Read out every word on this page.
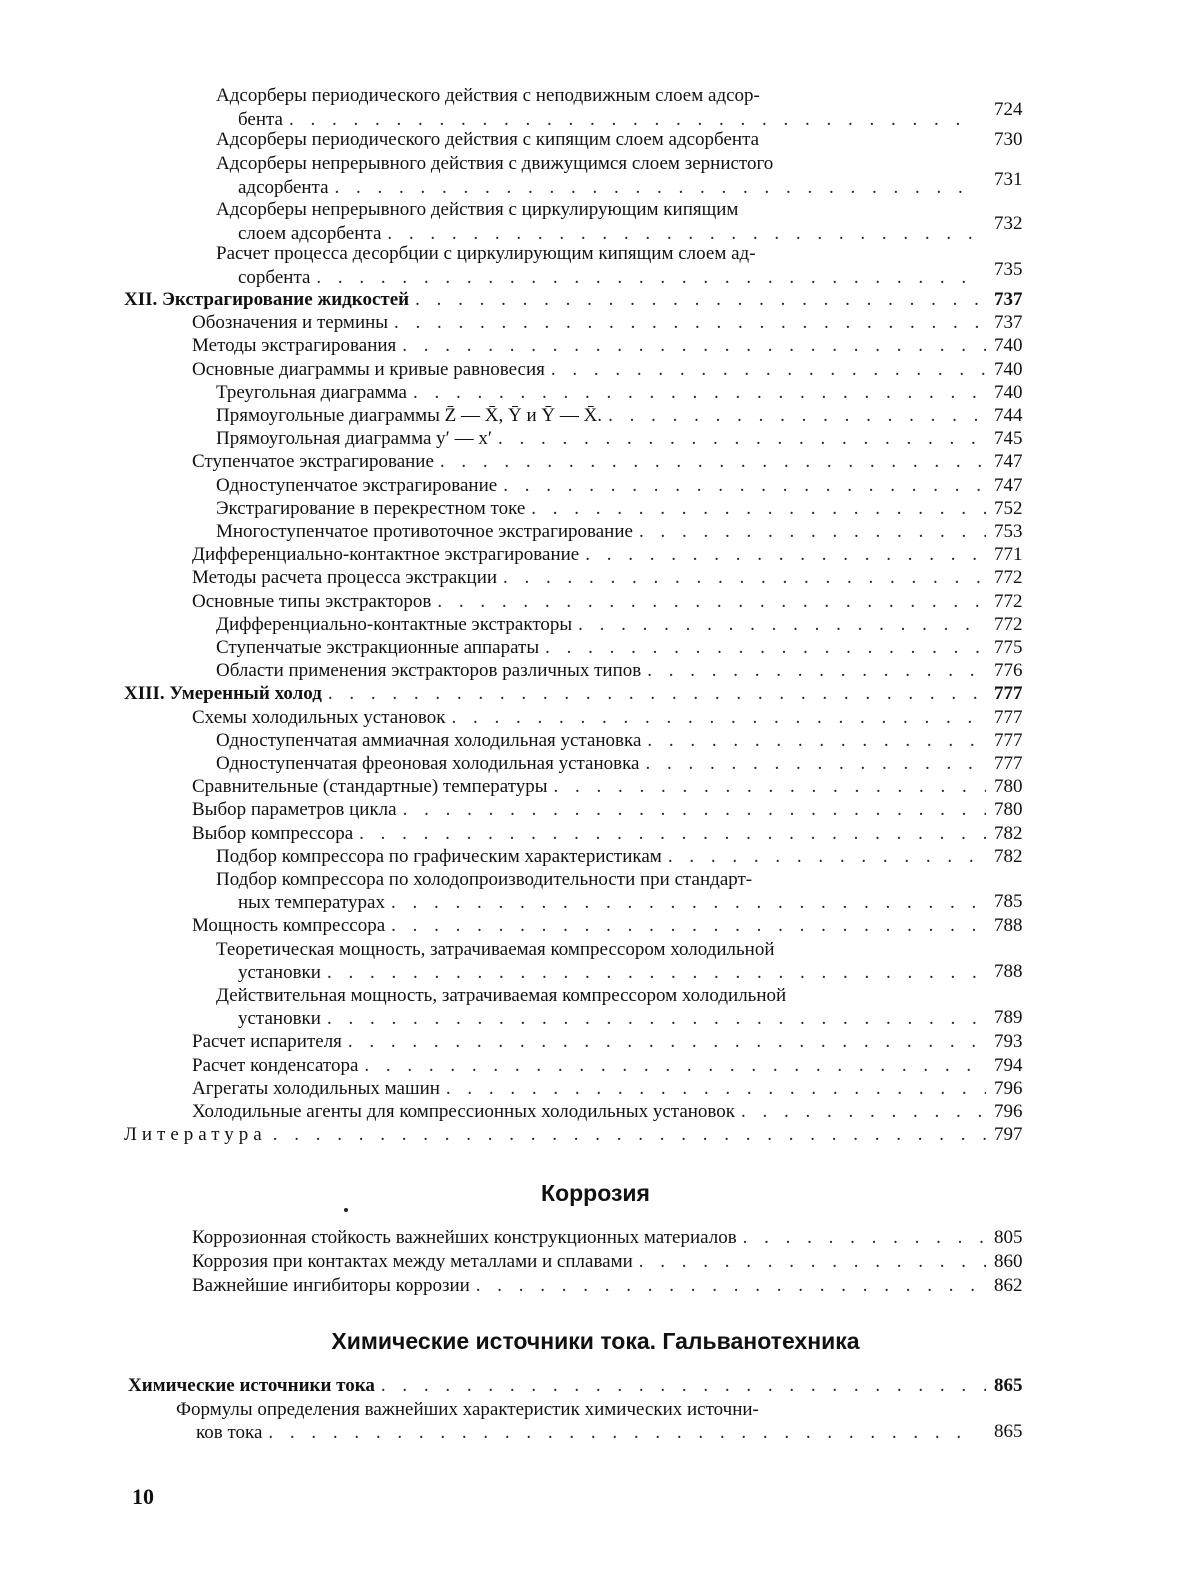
Адсорберы периодического действия с неподвижным слоем адсор-
бента . . .	724
Адсорберы периодического действия с кипящим слоем адсорбента	730
Адсорберы непрерывного действия с движущимся слоем зернистого
адсорбента . . .	731
Адсорберы непрерывного действия с циркулирующим кипящим
слоем адсорбента . . .	732
Расчет процесса десорбции с циркулирующим кипящим слоем ад-
сорбента . . .	735
XII. Экстрагирование жидкостей . . .	737
Обозначения и термины . . .	737
Методы экстрагирования . . .	740
Основные диаграммы и кривые равновесия . . .	740
Треугольная диаграмма . . .	740
Прямоугольные диаграммы Z̄ — X̄, Ȳ и Ȳ — X̄. . . .	744
Прямоугольная диаграмма y′ — x′ . . .	745
Ступенчатое экстрагирование . . .	747
Одноступенчатое экстрагирование . . .	747
Экстрагирование в перекрестном токе . . .	752
Многоступенчатое противоточное экстрагирование . . .	753
Дифференциально-контактное экстрагирование . . .	771
Методы расчета процесса экстракции . . .	772
Основные типы экстракторов . . .	772
Дифференциально-контактные экстракторы . . .	772
Ступенчатые экстракционные аппараты . . .	775
Области применения экстракторов различных типов . . .	776
XIII. Умеренный холод . . .	777
Схемы холодильных установок . . .	777
Одноступенчатая аммиачная холодильная установка . . .	777
Одноступенчатая фреоновая холодильная установка . . .	777
Сравнительные (стандартные) температуры . . .	780
Выбор параметров цикла . . .	780
Выбор компрессора . . .	782
Подбор компрессора по графическим характеристикам . . .	782
Подбор компрессора по холодопроизводительности при стандарт-
ных температурах . . .	785
Мощность компрессора . . .	788
Теоретическая мощность, затрачиваемая компрессором холодильной
установки . . .	788
Действительная мощность, затрачиваемая компрессором холодильной
установки . . .	789
Расчет испарителя . . .	793
Расчет конденсатора . . .	794
Агрегаты холодильных машин . . .	796
Холодильные агенты для компрессионных холодильных установок . . .	796
Литература . . .	797
Коррозия
Коррозионная стойкость важнейших конструкционных материалов . . .	805
Коррозия при контактах между металлами и сплавами . . .	860
Важнейшие ингибиторы коррозии . . .	862
Химические источники тока. Гальванотехника
Химические источники тока . . .	865
Формулы определения важнейших характеристик химических источни-
ков тока . . .	865
10
